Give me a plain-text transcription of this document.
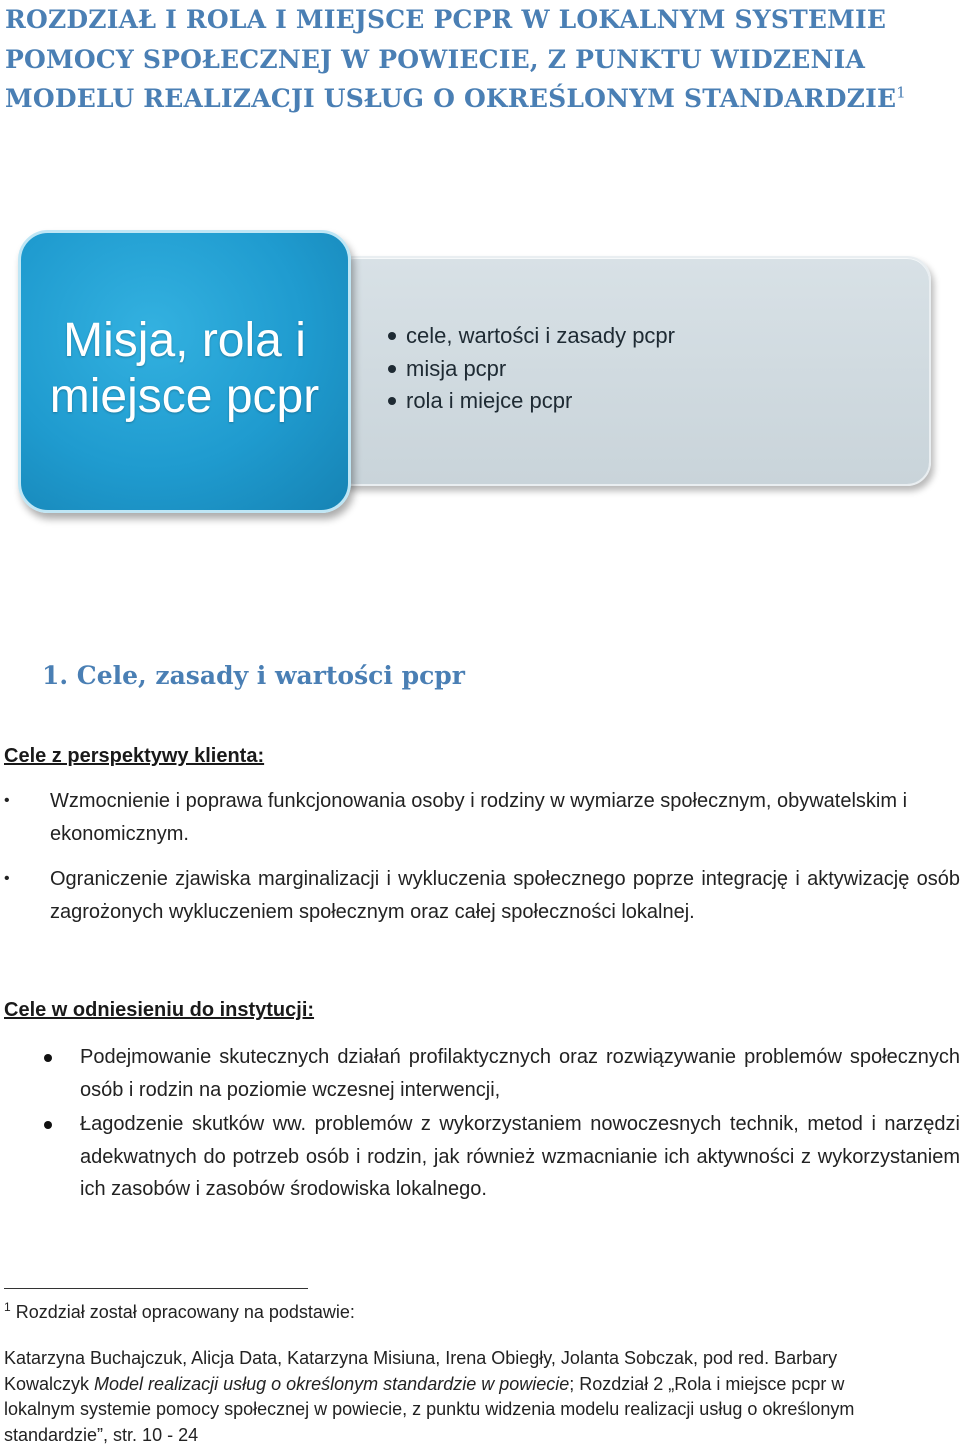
ROZDZIAŁ I ROLA I MIEJSCE PCPR W LOKALNYM SYSTEMIE POMOCY SPOŁECZNEJ W POWIECIE, Z PUNKTU WIDZENIA MODELU REALIZACJI USŁUG O OKREŚLONYM STANDARDZIE$^1$
cele, wartości i zasady pcpr
misja pcpr
rola i miejce pcpr

Misja, rola i
miejsce pcpr

1. Cele, zasady i wartości pcpr
Cele z perspektywy klienta:
• Wzmocnienie i poprawa funkcjonowania osoby i rodziny w wymiarze społecznym, obywatelskim i ekonomicznym.
• Ograniczenie zjawiska marginalizacji i wykluczenia społecznego poprze integrację i aktywizację osób zagrożonych wykluczeniem społecznym oraz całej społeczności lokalnej.
Cele w odniesieniu do instytucji:
Podejmowanie skutecznych działań profilaktycznych oraz rozwiązywanie problemów społecznych osób i rodzin na poziomie wczesnej interwencji,
Łagodzenie skutków ww. problemów z wykorzystaniem nowoczesnych technik, metod i narzędzi adekwatnych do potrzeb osób i rodzin, jak również wzmacnianie ich aktywności z wykorzystaniem ich zasobów i zasobów środowiska lokalnego.

$^1$ Rozdział został opracowany na podstawie:

Katarzyna Buchajczuk, Alicja Data, Katarzyna Misiuna, Irena Obiegły, Jolanta Sobczak, pod red. Barbary Kowalczyk Model realizacji usług o określonym standardzie w powiecie; Rozdział 2 „Rola i miejsce pcpr w lokalnym systemie pomocy społecznej w powiecie, z punktu widzenia modelu realizacji usług o określonym standardzie”, str. 10 - 24
